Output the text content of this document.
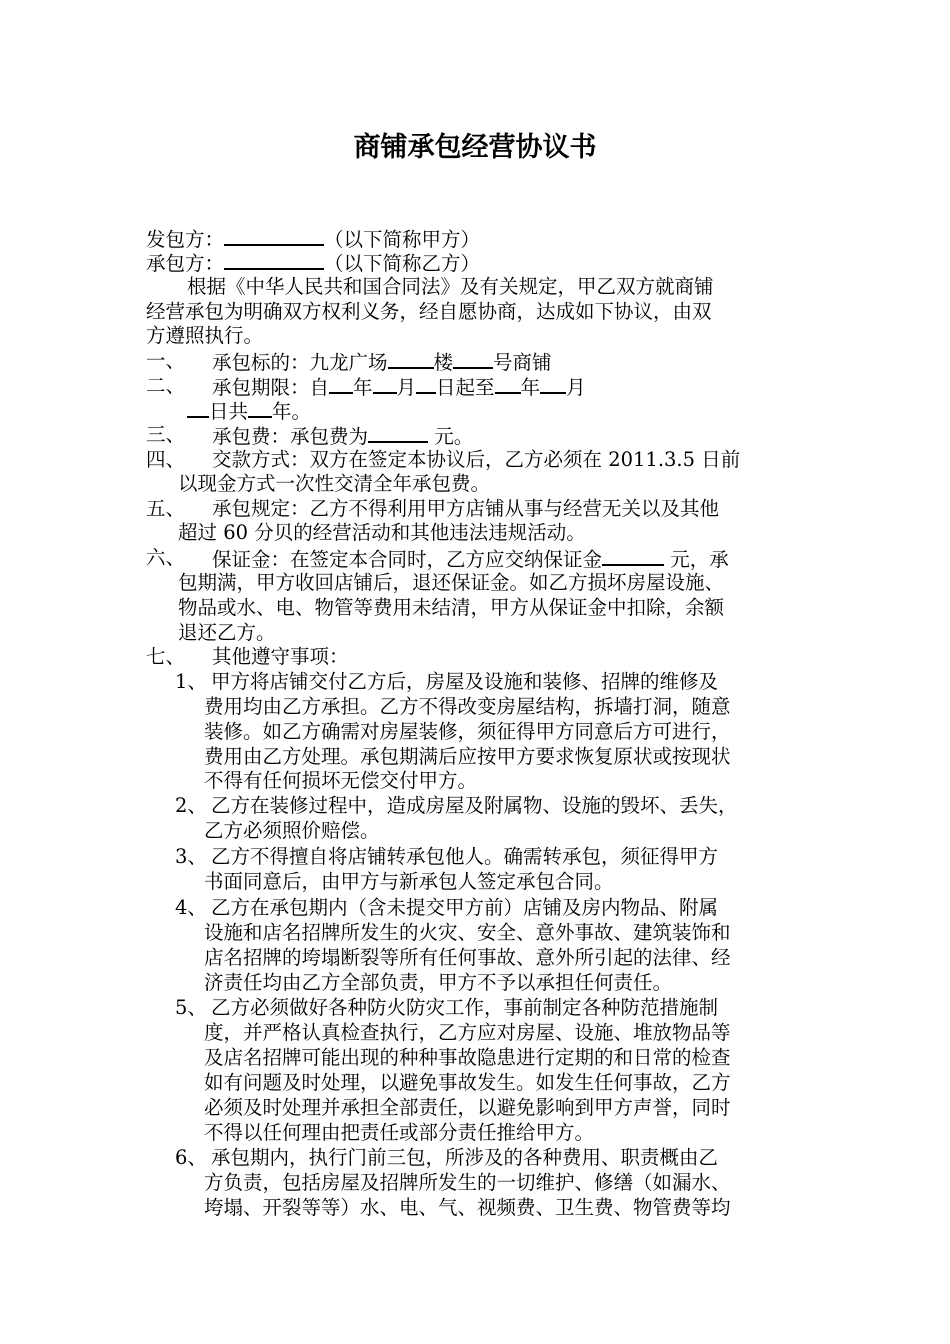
商铺承包经营协议书
发包方：	（以下简称甲方）
承包方：	（以下简称乙方）
根据《中华人民共和国合同法》及有关规定，甲乙双方就商铺
经营承包为明确双方权利义务，经自愿协商，达成如下协议，由双
方遵照执行。
一、 承包标的：九龙广场 楼 号商铺
二、 承包期限：自 年 月 日起至 年 月
日共 年。
三、 承包费：承包费为	元。
四、 交款方式：双方在签定本协议后，乙方必须在 2011.3.5 日前
以现金方式一次性交清全年承包费。
五、 承包规定：乙方不得利用甲方店铺从事与经营无关以及其他
超过 60 分贝的经营活动和其他违法违规活动。
六、 保证金：在签定本合同时，乙方应交纳保证金	元，承
包期满，甲方收回店铺后，退还保证金。如乙方损坏房屋设施、
物品或水、电、物管等费用未结清，甲方从保证金中扣除，余额
退还乙方。
七、 其他遵守事项：
1、 甲方将店铺交付乙方后，房屋及设施和装修、招牌的维修及
费用均由乙方承担。乙方不得改变房屋结构，拆墙打洞，随意
装修。如乙方确需对房屋装修，须征得甲方同意后方可进行，
费用由乙方处理。承包期满后应按甲方要求恢复原状或按现状
不得有任何损坏无偿交付甲方。
2、 乙方在装修过程中，造成房屋及附属物、设施的毁坏、丢失，
乙方必须照价赔偿。
3、 乙方不得擅自将店铺转承包他人。确需转承包，须征得甲方
书面同意后，由甲方与新承包人签定承包合同。
4、 乙方在承包期内（含未提交甲方前）店铺及房内物品、附属
设施和店名招牌所发生的火灾、安全、意外事故、建筑装饰和
店名招牌的垮塌断裂等所有任何事故、意外所引起的法律、经
济责任均由乙方全部负责，甲方不予以承担任何责任。
5、 乙方必须做好各种防火防灾工作，事前制定各种防范措施制
度，并严格认真检查执行，乙方应对房屋、设施、堆放物品等
及店名招牌可能出现的种种事故隐患进行定期的和日常的检查
如有问题及时处理，以避免事故发生。如发生任何事故，乙方
必须及时处理并承担全部责任，以避免影响到甲方声誉，同时
不得以任何理由把责任或部分责任推给甲方。
6、 承包期内，执行门前三包，所涉及的各种费用、职责概由乙
方负责，包括房屋及招牌所发生的一切维护、修缮（如漏水、
垮塌、开裂等等）水、电、气、视频费、卫生费、物管费等均
